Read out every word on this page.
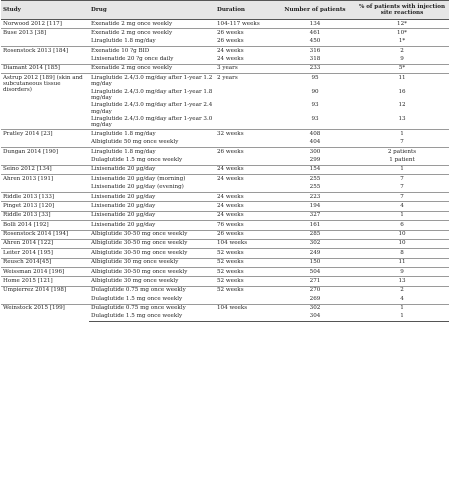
Study	Drug	Duration	Number of patients	% of patients with injection site reactions
Norwood 2012 [117]	Exenatide 2 mg once weekly	104-117 weeks	134	12*
Buse 2013 [38]	Exenatide 2 mg once weekly	26 weeks	461	10*
	Liraglutide 1.8 mg/day	26 weeks	450	1*
Rosenstock 2013 [184]	Exenatide 10 ?g BID	24 weeks	316	2
	Lixisenatide 20 ?g once daily	24 weeks	318	9
Diamant 2014 [185]	Exenatide 2 mg once weekly	3 years	233	5*
Astrup 2012 [189] (skin and subcutaneous tissue disorders)	Liraglutide 2.4/3.0 mg/day after 1-year 1.2 mg/day	2 years	95	11
	Liraglutide 2.4/3.0 mg/day after 1-year 1.8 mg/day		90	16
	Liraglutide 2.4/3.0 mg/day after 1-year 2.4 mg/day		93	12
	Liraglutide 2.4/3.0 mg/day after 1-year 3.0 mg/day		93	13
Pratley 2014 [23]	Liraglutide 1.8 mg/day	32 weeks	408	1
	Albiglutide 50 mg once weekly		404	7
Dungan 2014 [190]	Liraglutide 1.8 mg/day	26 weeks	300	2 patients
	Dulaglutide 1.5 mg once weekly		299	1 patient
Seino 2012 [134]	Lixisenatide 20 µg/day	24 weeks	154	1
Ahren 2013 [191]	Lixisenatide 20 µg/day (morning)	24 weeks	255	7
	Lixisenatide 20 µg/day (evening)		255	7
Riddle 2013 [133]	Lixisenatide 20 µg/day	24 weeks	223	7
Pinget 2013 [120]	Lixisenatide 20 µg/day	24 weeks	194	4
Riddle 2013 [33]	Lixisenatide 20 µg/day	24 weeks	327	1
Bolli 2014 [192]	Lixisenatide 20 µg/day	76 weeks	161	6
Rosenstock 2014 [194]	Albiglutide 30-50 mg once weekly	26 weeks	285	10
Ahren 2014 [122]	Albiglutide 30-50 mg once weekly	104 weeks	302	10
Leiter 2014 [195]	Albiglutide 30-50 mg once weekly	52 weeks	249	8
Reusch 2014[45]	Albiglutide 30 mg once weekly	52 weeks	150	11
Weissman 2014 [196]	Albiglutide 30-50 mg once weekly	52 weeks	504	9
Home 2015 [121]	Albiglutide 30 mg once weekly	52 weeks	271	13
Umpierrez 2014 [198]	Dulaglutide 0.75 mg once weekly	52 weeks	270	2
	Dulaglutide 1.5 mg once weekly		269	4
Weinstock 2015 [199]	Dulaglutide 0.75 mg once weekly	104 weeks	302	1
	Dulaglutide 1.5 mg once weekly		304	1
